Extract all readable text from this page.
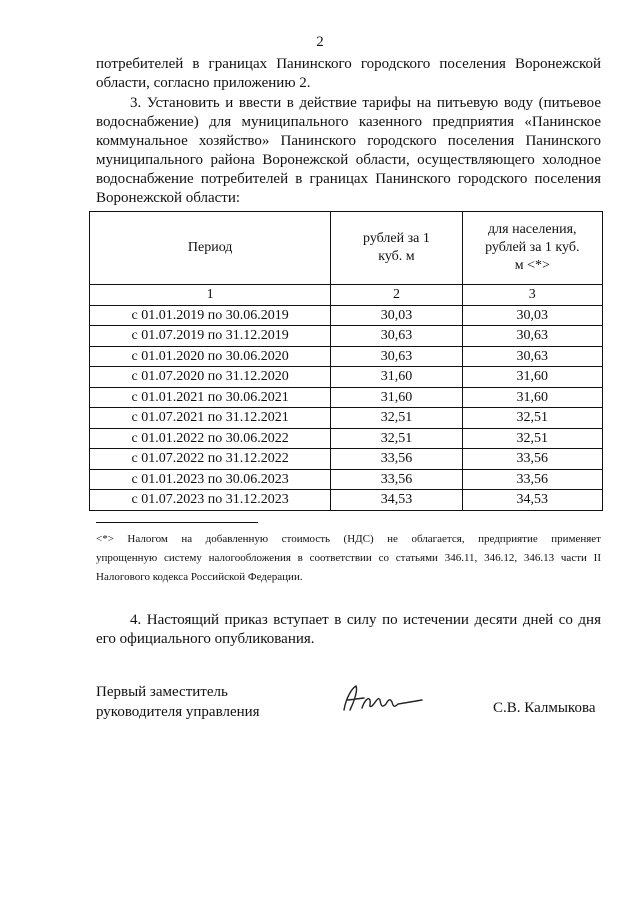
2
потребителей в границах Панинского городского поселения Воронежской
области, согласно приложению 2.
3. Установить и ввести в действие тарифы на питьевую воду (питьевое
водоснабжение) для муниципального казенного предприятия «Панинское
коммунальное хозяйство» Панинского городского поселения Панинского
муниципального района Воронежской области, осуществляющего холодное
водоснабжение потребителей в границах Панинского городского поселения
Воронежской области:
Период	рублей за 1 куб. м	для населения, рублей за 1 куб. м <*>
1	2	3
с 01.01.2019 по 30.06.2019	30,03	30,03
с 01.07.2019 по 31.12.2019	30,63	30,63
с 01.01.2020 по 30.06.2020	30,63	30,63
с 01.07.2020 по 31.12.2020	31,60	31,60
с 01.01.2021 по 30.06.2021	31,60	31,60
с 01.07.2021 по 31.12.2021	32,51	32,51
с 01.01.2022 по 30.06.2022	32,51	32,51
с 01.07.2022 по 31.12.2022	33,56	33,56
с 01.01.2023 по 30.06.2023	33,56	33,56
с 01.07.2023 по 31.12.2023	34,53	34,53
<*> Налогом на добавленную стоимость (НДС) не облагается, предприятие применяет
упрощенную систему налогообложения в соответствии со статьями 346.11, 346.12, 346.13 части II
Налогового кодекса Российской Федерации.
4. Настоящий приказ вступает в силу по истечении десяти дней со дня
его официального опубликования.
Первый заместитель
руководителя управления	С.В. Калмыкова
